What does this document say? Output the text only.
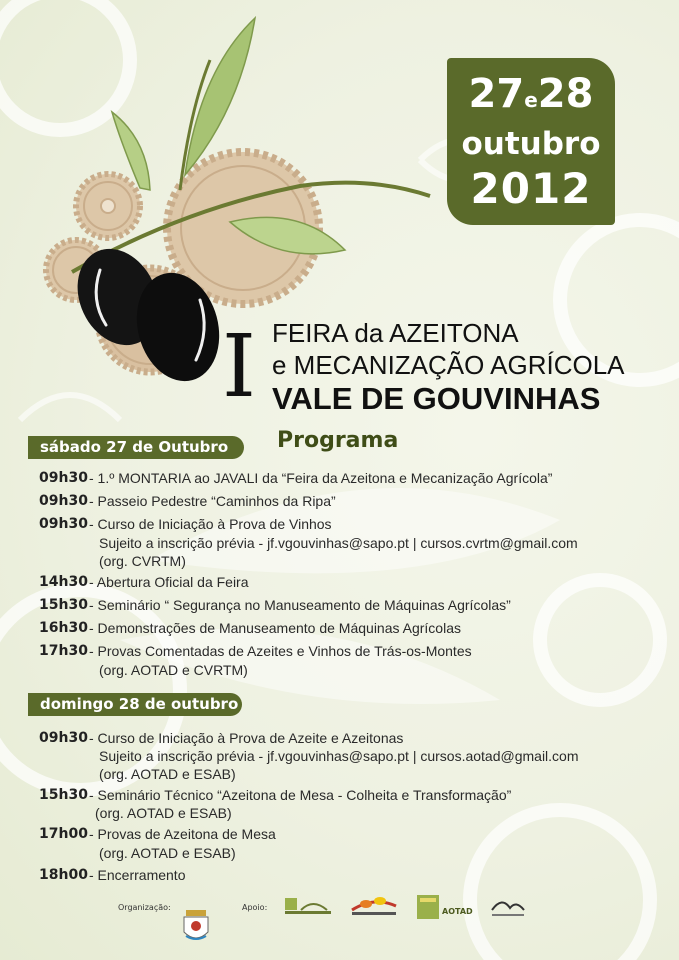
27e28
outubro
2012
I FEIRA da AZEITONA
e MECANIZAÇÃO AGRÍCOLA
VALE DE GOUVINHAS
sábado 27 de Outubro	Programa
09h30 - 1.º MONTARIA ao JAVALI da “Feira da Azeitona e Mecanização Agrícola”
09h30 - Passeio Pedestre “Caminhos da Ripa”
09h30 - Curso de Iniciação à Prova de Vinhos
Sujeito a inscrição prévia - jf.vgouvinhas@sapo.pt | cursos.cvrtm@gmail.com
(org. CVRTM)
14h30 - Abertura Oficial da Feira
15h30 - Seminário “ Segurança no Manuseamento de Máquinas Agrícolas”
16h30 - Demonstrações de Manuseamento de Máquinas Agrícolas
17h30 - Provas Comentadas de Azeites e Vinhos de Trás-os-Montes
(org. AOTAD e CVRTM)
domingo 28 de outubro
09h30 - Curso de Iniciação à Prova de Azeite e Azeitonas
Sujeito a inscrição prévia - jf.vgouvinhas@sapo.pt | cursos.aotad@gmail.com
(org. AOTAD e ESAB)
15h30 - Seminário Técnico “Azeitona de Mesa - Colheita e Transformação”
(org. AOTAD e ESAB)
17h00 - Provas de Azeitona de Mesa
(org. AOTAD e ESAB)
18h00 - Encerramento
Organização:	Apoio:	AOTAD
